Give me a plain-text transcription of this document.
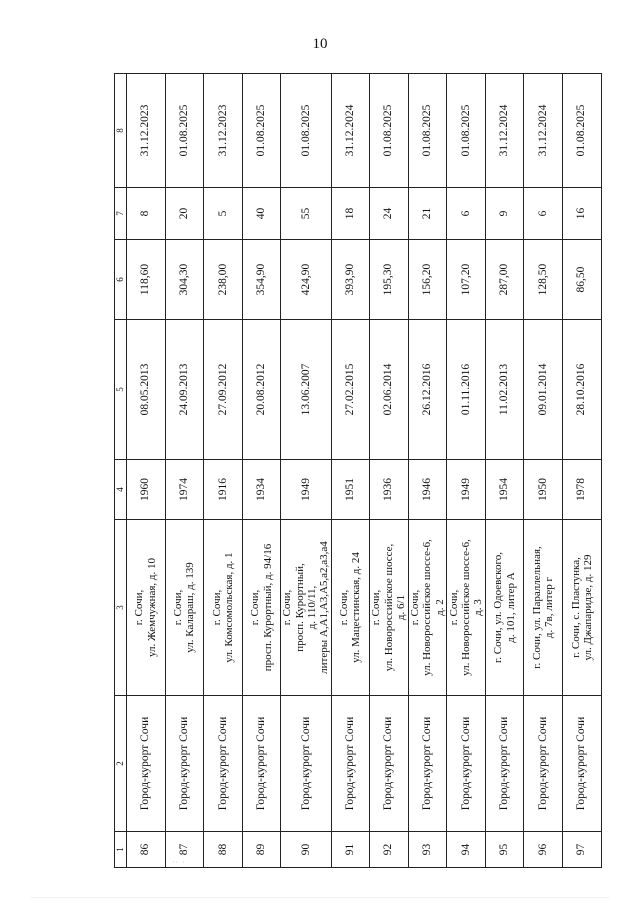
10
1	2	3	4	5	6	7	8
86	Город-курорт Сочи	г. Сочи,
ул. Жемчужная, д. 10	1960	08.05.2013	118,60	8	31.12.2023
87	Город-курорт Сочи	г. Сочи,
ул. Калараш, д. 139	1974	24.09.2013	304,30	20	01.08.2025
88	Город-курорт Сочи	г. Сочи,
ул. Комсомольская, д. 1	1916	27.09.2012	238,00	5	31.12.2023
89	Город-курорт Сочи	г. Сочи,
просп. Курортный, д. 94/16	1934	20.08.2012	354,90	40	01.08.2025
90	Город-курорт Сочи	г. Сочи,
просп. Курортный,
д. 110/11,
литеры А,А1,А3,А5,а2,а3,а4	1949	13.06.2007	424,90	55	01.08.2025
91	Город-курорт Сочи	г. Сочи,
ул. Мацестинская, д. 24	1951	27.02.2015	393,90	18	31.12.2024
92	Город-курорт Сочи	г. Сочи,
ул. Новороссийское шоссе,
д. 6/1	1936	02.06.2014	195,30	24	01.08.2025
93	Город-курорт Сочи	г. Сочи,
ул. Новороссийское шоссе-6,
д. 2	1946	26.12.2016	156,20	21	01.08.2025
94	Город-курорт Сочи	г. Сочи,
ул. Новороссийское шоссе-6,
д. 3	1949	01.11.2016	107,20	6	01.08.2025
95	Город-курорт Сочи	г. Сочи, ул. Одоевского,
д. 101, литер А	1954	11.02.2013	287,00	9	31.12.2024
96	Город-курорт Сочи	г. Сочи, ул. Параллельная,
д. 7в, литер г	1950	09.01.2014	128,50	6	31.12.2024
97	Город-курорт Сочи	г. Сочи, с. Пластунка,
ул. Джапаридзе, д. 129	1978	28.10.2016	86,50	16	01.08.2025
·· ·
